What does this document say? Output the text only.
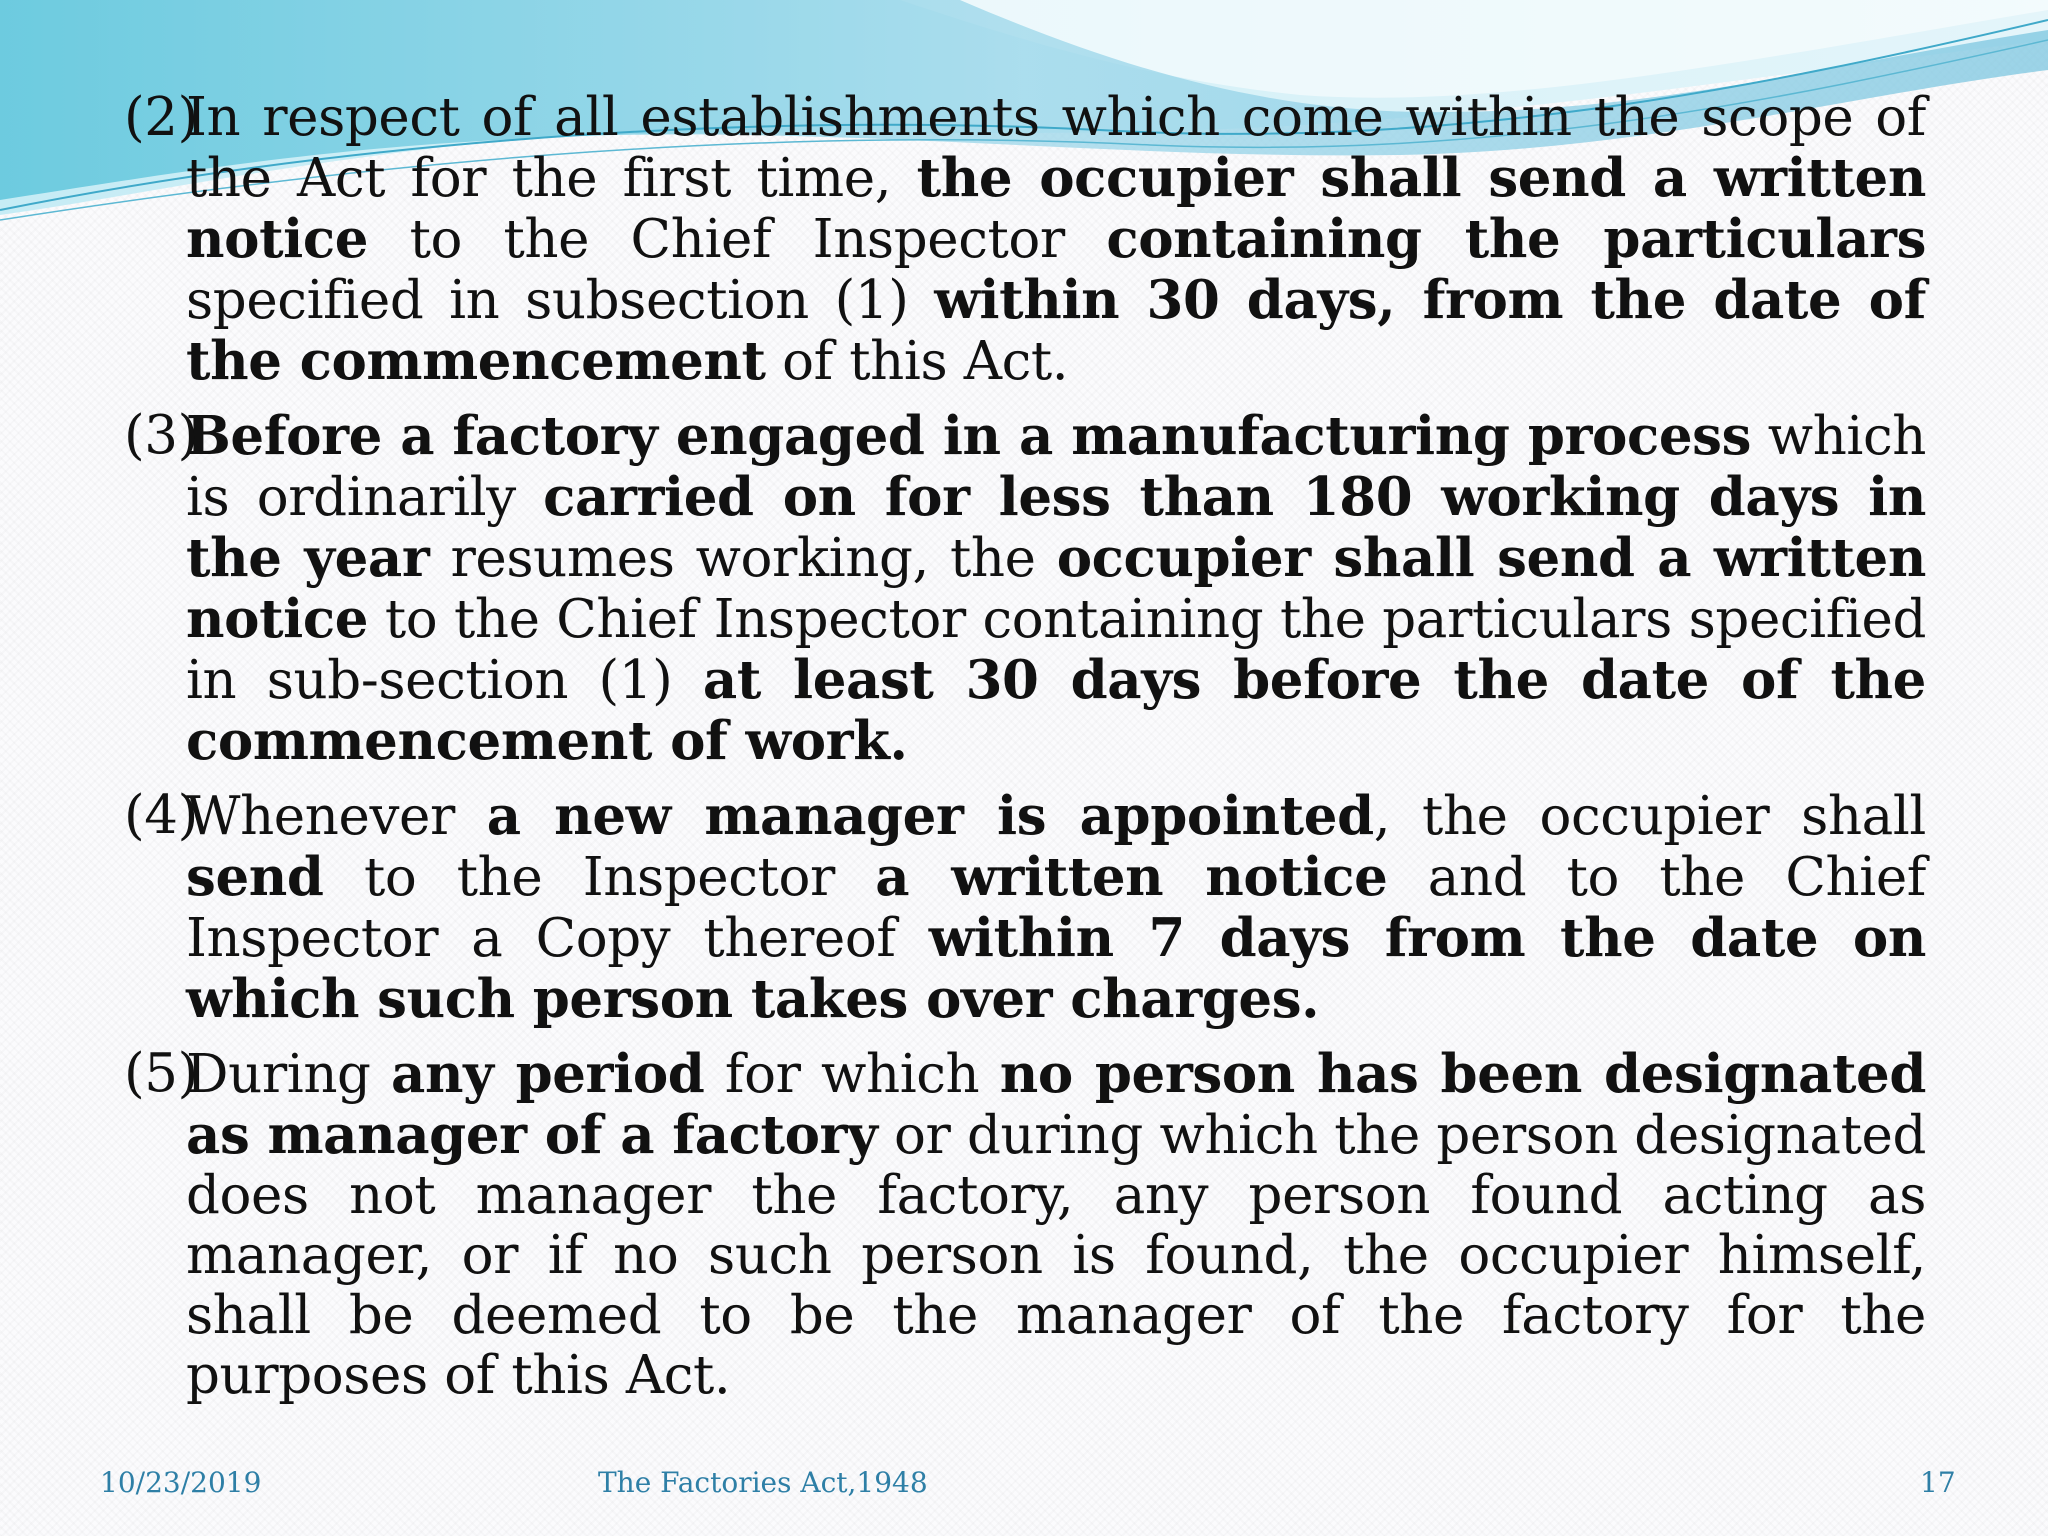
(2)
In respect of all establishments which come within the scope of the Act for the first time, the occupier shall send a written notice to the Chief Inspector containing the particulars specified in subsection (1) within 30 days, from the date of the commencement of this Act.
(3)
Before a factory engaged in a manufacturing process which is ordinarily carried on for less than 180 working days in the year resumes working, the occupier shall send a written notice to the Chief Inspector containing the particulars specified in sub-section (1) at least 30 days before the date of the commencement of work.
(4)
Whenever a new manager is appointed, the occupier shall send to the Inspector a written notice and to the Chief Inspector a Copy thereof within 7 days from the date on which such person takes over charges.
(5)
During any period for which no person has been designated as manager of a factory or during which the person designated does not manager the factory, any person found acting as manager, or if no such person is found, the occupier himself, shall be deemed to be the manager of the factory for the purposes of this Act.
10/23/2019	The Factories Act,1948	17
